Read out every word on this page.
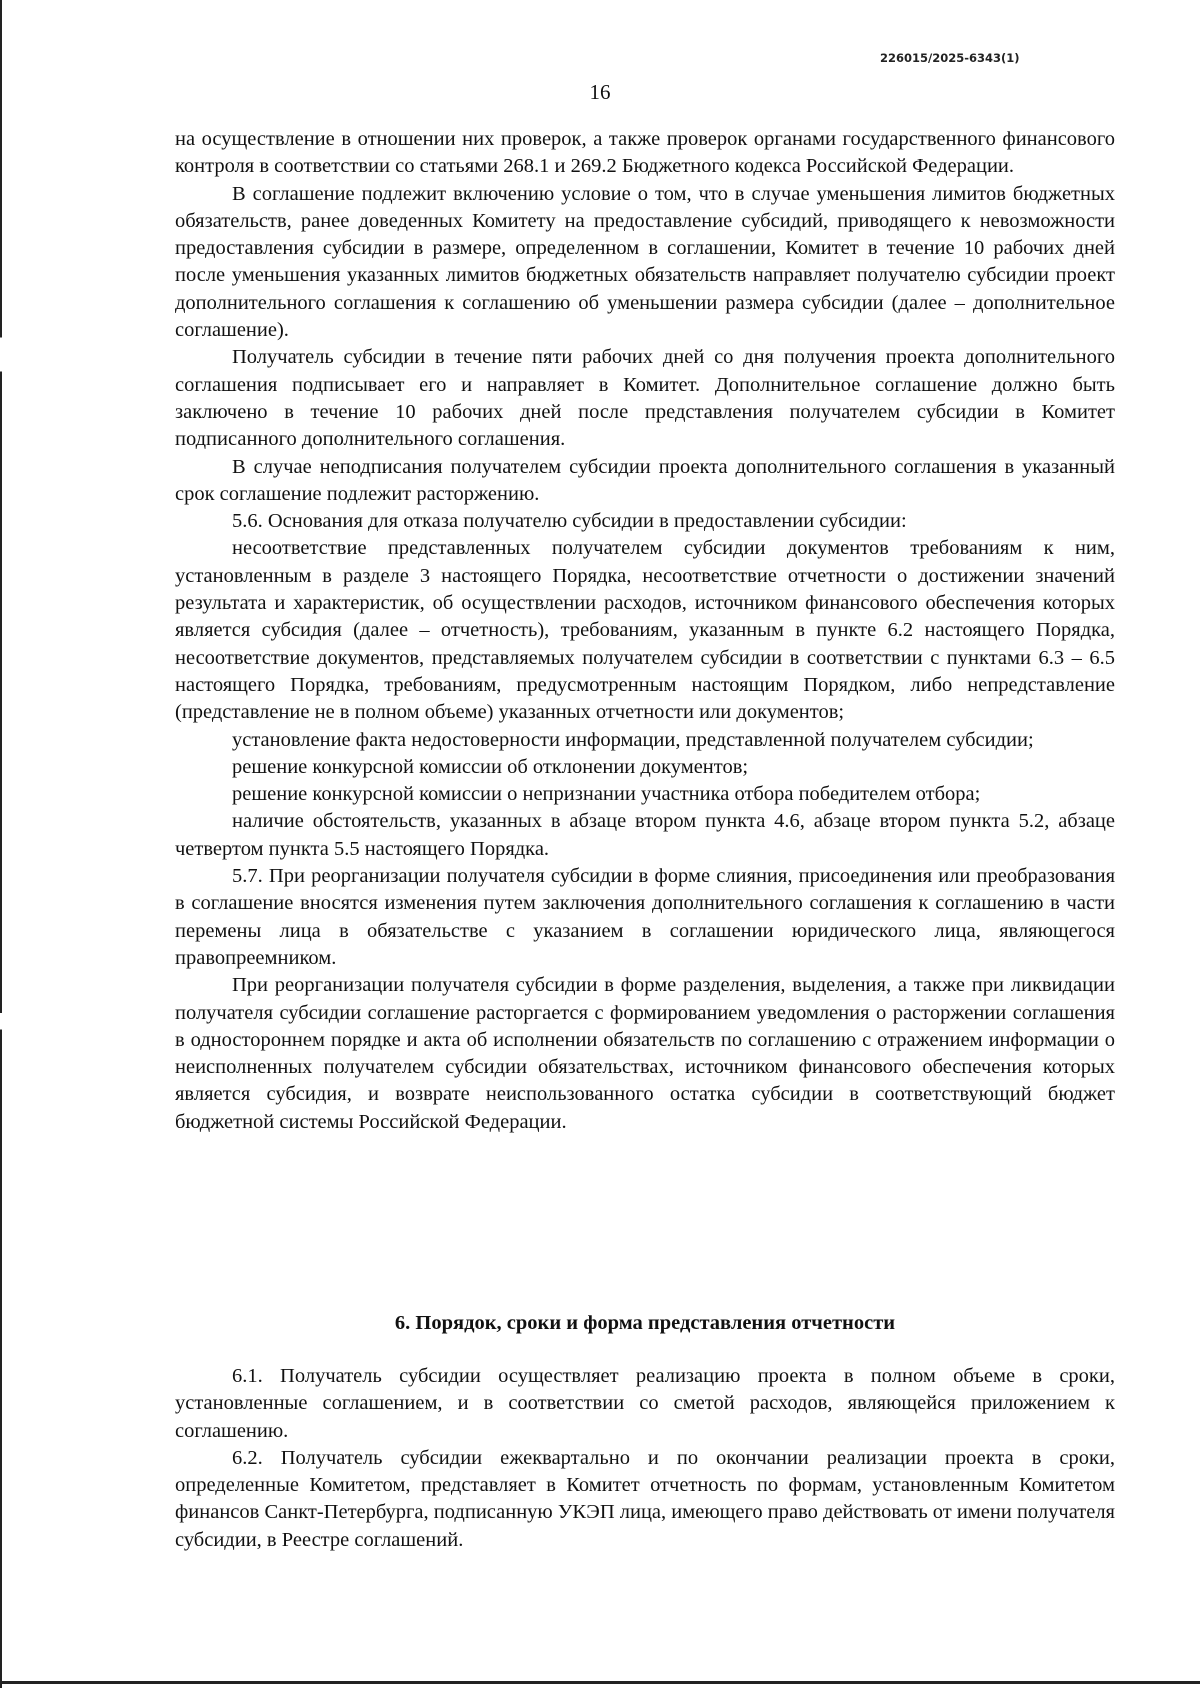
226015/2025-6343(1)
16

на осуществление в отношении них проверок, а также проверок органами государственного финансового контроля в соответствии со статьями 268.1 и 269.2 Бюджетного кодекса Российской Федерации.

В соглашение подлежит включению условие о том, что в случае уменьшения лимитов бюджетных обязательств, ранее доведенных Комитету на предоставление субсидий, приводящего к невозможности предоставления субсидии в размере, определенном в соглашении, Комитет в течение 10 рабочих дней после уменьшения указанных лимитов бюджетных обязательств направляет получателю субсидии проект дополнительного соглашения к соглашению об уменьшении размера субсидии (далее – дополнительное соглашение).

Получатель субсидии в течение пяти рабочих дней со дня получения проекта дополнительного соглашения подписывает его и направляет в Комитет. Дополнительное соглашение должно быть заключено в течение 10 рабочих дней после представления получателем субсидии в Комитет подписанного дополнительного соглашения.

В случае неподписания получателем субсидии проекта дополнительного соглашения в указанный срок соглашение подлежит расторжению.

5.6. Основания для отказа получателю субсидии в предоставлении субсидии:

несоответствие представленных получателем субсидии документов требованиям к ним, установленным в разделе 3 настоящего Порядка, несоответствие отчетности о достижении значений результата и характеристик, об осуществлении расходов, источником финансового обеспечения которых является субсидия (далее – отчетность), требованиям, указанным в пункте 6.2 настоящего Порядка, несоответствие документов, представляемых получателем субсидии в соответствии с пунктами 6.3 – 6.5 настоящего Порядка, требованиям, предусмотренным настоящим Порядком, либо непредставление (представление не в полном объеме) указанных отчетности или документов;

установление факта недостоверности информации, представленной получателем субсидии;

решение конкурсной комиссии об отклонении документов;

решение конкурсной комиссии о непризнании участника отбора победителем отбора;

наличие обстоятельств, указанных в абзаце втором пункта 4.6, абзаце втором пункта 5.2, абзаце четвертом пункта 5.5 настоящего Порядка.

5.7. При реорганизации получателя субсидии в форме слияния, присоединения или преобразования в соглашение вносятся изменения путем заключения дополнительного соглашения к соглашению в части перемены лица в обязательстве с указанием в соглашении юридического лица, являющегося правопреемником.

При реорганизации получателя субсидии в форме разделения, выделения, а также при ликвидации получателя субсидии соглашение расторгается с формированием уведомления о расторжении соглашения в одностороннем порядке и акта об исполнении обязательств по соглашению с отражением информации о неисполненных получателем субсидии обязательствах, источником финансового обеспечения которых является субсидия, и возврате неиспользованного остатка субсидии в соответствующий бюджет бюджетной системы Российской Федерации.

6. Порядок, сроки и форма представления отчетности

6.1. Получатель субсидии осуществляет реализацию проекта в полном объеме в сроки, установленные соглашением, и в соответствии со сметой расходов, являющейся приложением к соглашению.

6.2. Получатель субсидии ежеквартально и по окончании реализации проекта в сроки, определенные Комитетом, представляет в Комитет отчетность по формам, установленным Комитетом финансов Санкт-Петербурга, подписанную УКЭП лица, имеющего право действовать от имени получателя субсидии, в Реестре соглашений.
